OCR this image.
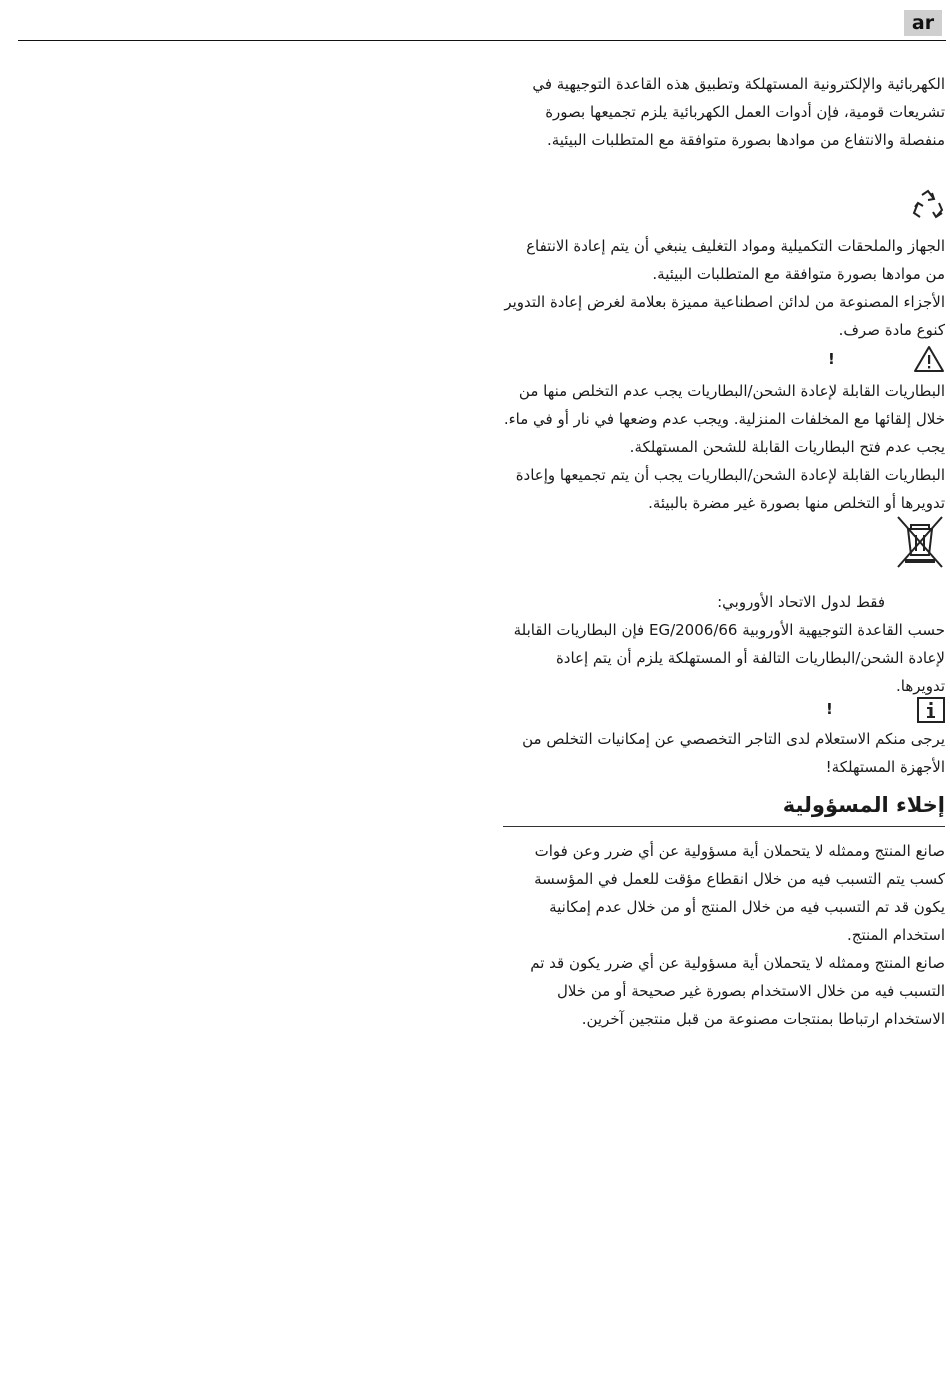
ar

الكهربائية والإلكترونية المستهلكة وتطبيق هذه القاعدة التوجيهية في تشريعات قومية، فإن أدوات العمل الكهربائية يلزم تجميعها بصورة منفصلة والانتفاع من موادها بصورة متوافقة مع المتطلبات البيئية.

الجهاز والملحقات التكميلية ومواد التغليف ينبغي أن يتم إعادة الانتفاع من موادها بصورة متوافقة مع المتطلبات البيئية.

الأجزاء المصنوعة من لدائن اصطناعية مميزة بعلامة لغرض إعادة التدوير كنوع مادة صرف.

!

البطاريات القابلة لإعادة الشحن/البطاريات يجب عدم التخلص منها من خلال إلقائها مع المخلفات المنزلية. ويجب عدم وضعها في نار أو في ماء. يجب عدم فتح البطاريات القابلة للشحن المستهلكة.

البطاريات القابلة لإعادة الشحن/البطاريات يجب أن يتم تجميعها وإعادة تدويرها أو التخلص منها بصورة غير مضرة بالبيئة.

فقط لدول الاتحاد الأوروبي:

حسب القاعدة التوجيهية الأوروبية 2006/66/EG فإن البطاريات القابلة لإعادة الشحن/البطاريات التالفة أو المستهلكة يلزم أن يتم إعادة تدويرها.

!

يرجى منكم الاستعلام لدى التاجر التخصصي عن إمكانيات التخلص من الأجهزة المستهلكة!

إخلاء المسؤولية

صانع المنتج وممثله لا يتحملان أية مسؤولية عن أي ضرر وعن فوات كسب يتم التسبب فيه من خلال انقطاع مؤقت للعمل في المؤسسة يكون قد تم التسبب فيه من خلال المنتج أو من خلال عدم إمكانية استخدام المنتج.

صانع المنتج وممثله لا يتحملان أية مسؤولية عن أي ضرر يكون قد تم التسبب فيه من خلال الاستخدام بصورة غير صحيحة أو من خلال الاستخدام ارتباطا بمنتجات مصنوعة من قبل منتجين آخرين.
